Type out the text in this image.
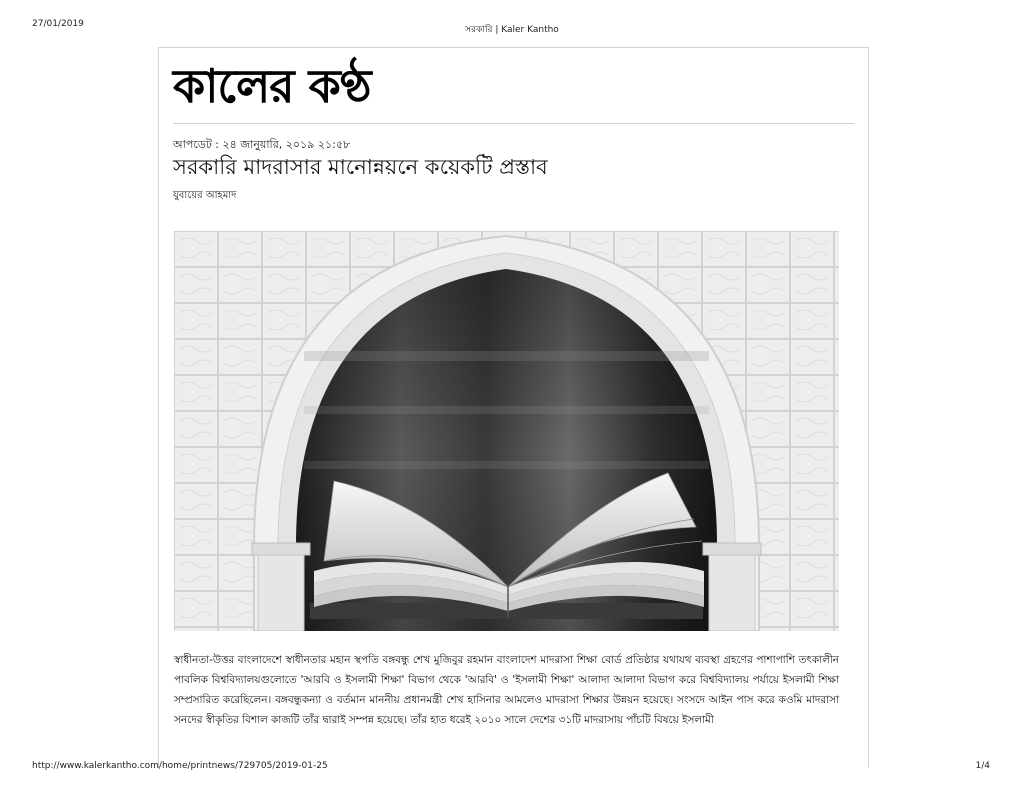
27/01/2019
সরকারি | Kaler Kantho
কালের কণ্ঠ
আপডেট : ২৪ জানুয়ারি, ২০১৯ ২১:৫৮
সরকারি মাদরাসার মানোন্নয়নে কয়েকটি প্রস্তাব
যুবায়ের আহমাদ

স্বাধীনতা-উত্তর বাংলাদেশে স্বাধীনতার মহান স্থপতি বঙ্গবন্ধু শেখ মুজিবুর রহমান বাংলাদেশ মাদরাসা শিক্ষা বোর্ড প্রতিষ্ঠার যথাযথ ব্যবস্থা গ্রহণের পাশাপাশি তৎকালীন পাবলিক বিশ্ববিদ্যালয়গুলোতে 'আরবি ও ইসলামী শিক্ষা' বিভাগ থেকে 'আরবি' ও 'ইসলামী শিক্ষা' আলাদা আলাদা বিভাগ করে বিশ্ববিদ্যালয় পর্যায়ে ইসলামী শিক্ষা সম্প্রসারিত করেছিলেন। বঙ্গবন্ধুকন্যা ও বর্তমান মাননীয় প্রধানমন্ত্রী শেখ হাসিনার আমলেও মাদরাসা শিক্ষার উন্নয়ন হয়েছে। সংসদে আইন পাস করে কওমি মাদরাসা সনদের স্বীকৃতির বিশাল কাজটি তাঁর দ্বারাই সম্পন্ন হয়েছে। তাঁর হাত ধরেই ২০১০ সালে দেশের ৩১টি মাদরাসায় পাঁচটি বিষয়ে ইসলামী

http://www.kalerkantho.com/home/printnews/729705/2019-01-25	1/4
